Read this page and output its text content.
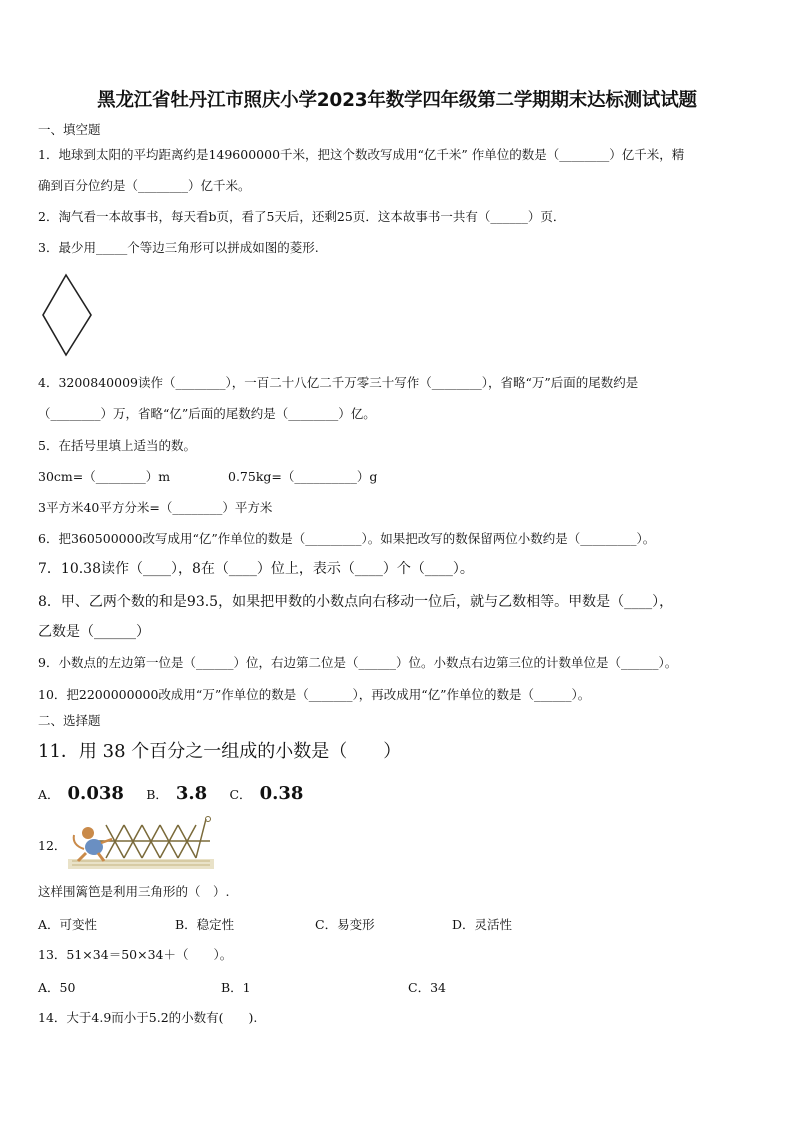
黑龙江省牡丹江市照庆小学2023年数学四年级第二学期期末达标测试试题
一、填空题
1．地球到太阳的平均距离约是149600000千米，把这个数改写成用“亿千米” 作单位的数是（________）亿千米，精
确到百分位约是（________）亿千米。
2．淘气看一本故事书，每天看b页，看了5天后，还剩25页．这本故事书一共有（______）页．
3．最少用_____个等边三角形可以拼成如图的菱形.
4．3200840009读作（________），一百二十八亿二千万零三十写作（________），省略“万”后面的尾数约是
（________）万，省略“亿”后面的尾数约是（________）亿。
5．在括号里填上适当的数。
30cm=（________）m	0.75kg=（__________）g
3平方米40平方分米=（________）平方米
6．把360500000改写成用“亿”作单位的数是（_________）。如果把改写的数保留两位小数约是（_________）。
7．10.38读作（____），8在（____）位上，表示（____）个（____）。
8．甲、乙两个数的和是93.5，如果把甲数的小数点向右移动一位后，就与乙数相等。甲数是（____），
乙数是（______）
9．小数点的左边第一位是（______）位，右边第二位是（______）位。小数点右边第三位的计数单位是（______）。
10．把2200000000改成用“万”作单位的数是（_______），再改成用“亿”作单位的数是（______）。
二、选择题
11．用 38 个百分之一组成的小数是（　　）
A． 0.038 B． 3.8 C． 0.38
12．
这样围篱笆是利用三角形的（　）.
A．可变性	B．稳定性	C．易变形	D．灵活性
13．51×34＝50×34＋（　　）。
A．50	B．1	C．34
14．大于4.9而小于5.2的小数有(　　).
